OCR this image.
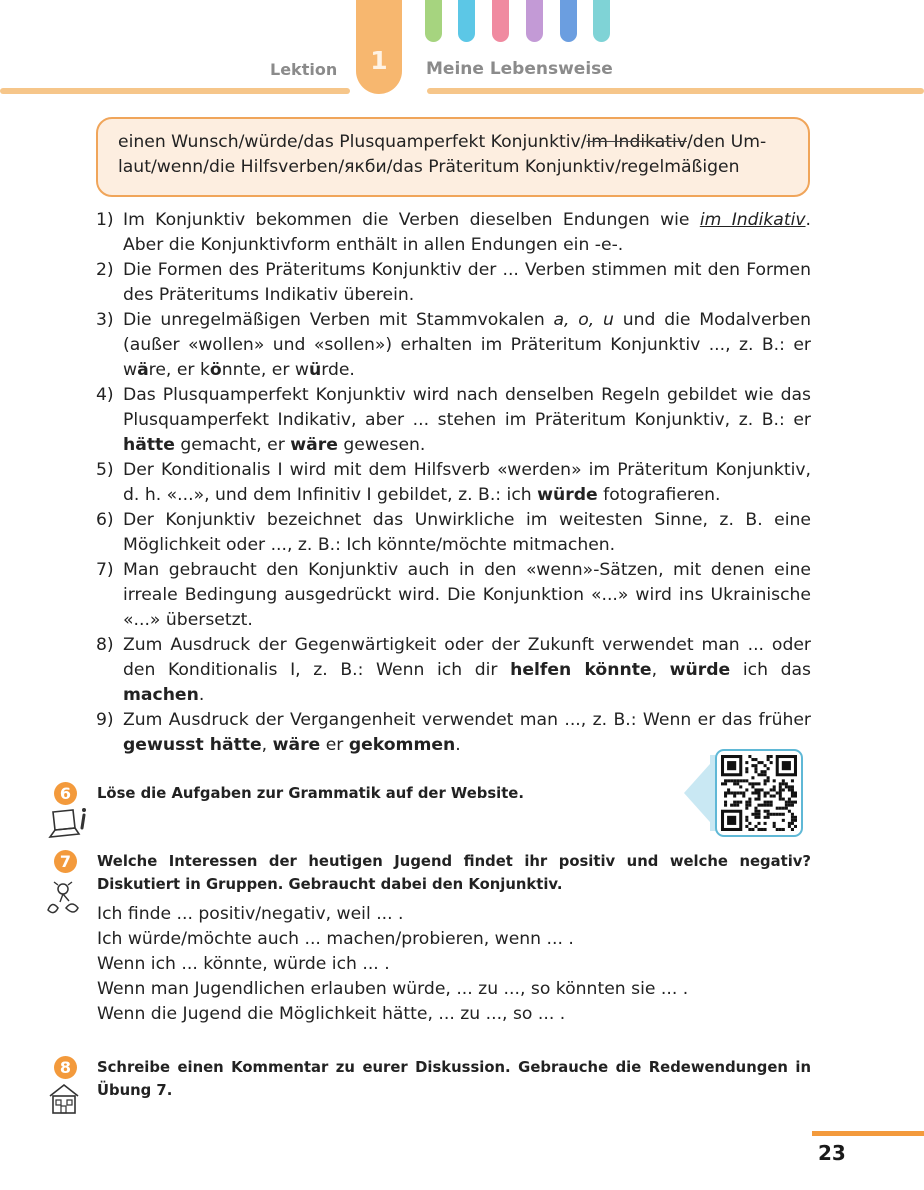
Lektion	1	Meine Lebensweise
einen Wunsch/würde/das Plusquamperfekt Konjunktiv/im Indikativ/den Um-
laut/wenn/die Hilfsverben/якби/das Präteritum Konjunktiv/regelmäßigen
1) Im Konjunktiv bekommen die Verben dieselben Endungen wie im Indikativ. Aber die Konjunktivform enthält in allen Endungen ein -e-.
2) Die Formen des Präteritums Konjunktiv der ... Verben stimmen mit den Formen des Präteritums Indikativ überein.
3) Die unregelmäßigen Verben mit Stammvokalen a, o, u und die Modalverben (außer «wollen» und «sollen») erhalten im Präteritum Konjunktiv ..., z. B.: er wäre, er könnte, er würde.
4) Das Plusquamperfekt Konjunktiv wird nach denselben Regeln gebildet wie das Plusquamperfekt Indikativ, aber ... stehen im Präteritum Konjunktiv, z. B.: er hätte gemacht, er wäre gewesen.
5) Der Konditionalis I wird mit dem Hilfsverb «werden» im Präteritum Konjunktiv, d. h. «...», und dem Infinitiv I gebildet, z. B.: ich würde fotografieren.
6) Der Konjunktiv bezeichnet das Unwirkliche im weitesten Sinne, z. B. eine Möglichkeit oder ..., z. B.: Ich könnte/möchte mitmachen.
7) Man gebraucht den Konjunktiv auch in den «wenn»-Sätzen, mit denen eine irreale Bedingung ausgedrückt wird. Die Konjunktion «...» wird ins Ukrainische «...» übersetzt.
8) Zum Ausdruck der Gegenwärtigkeit oder der Zukunft verwendet man ... oder den Konditionalis I, z. B.: Wenn ich dir helfen könnte, würde ich das machen.
9) Zum Ausdruck der Vergangenheit verwendet man ..., z. B.: Wenn er das früher gewusst hätte, wäre er gekommen.
6	Löse die Aufgaben zur Grammatik auf der Website.
7	Welche Interessen der heutigen Jugend findet ihr positiv und welche negativ? Diskutiert in Gruppen. Gebraucht dabei den Konjunktiv.
Ich finde ... positiv/negativ, weil ... .
Ich würde/möchte auch ... machen/probieren, wenn ... .
Wenn ich ... könnte, würde ich ... .
Wenn man Jugendlichen erlauben würde, ... zu ..., so könnten sie ... .
Wenn die Jugend die Möglichkeit hätte, ... zu ..., so ... .
8	Schreibe einen Kommentar zu eurer Diskussion. Gebrauche die Redewendungen in Übung 7.
23
